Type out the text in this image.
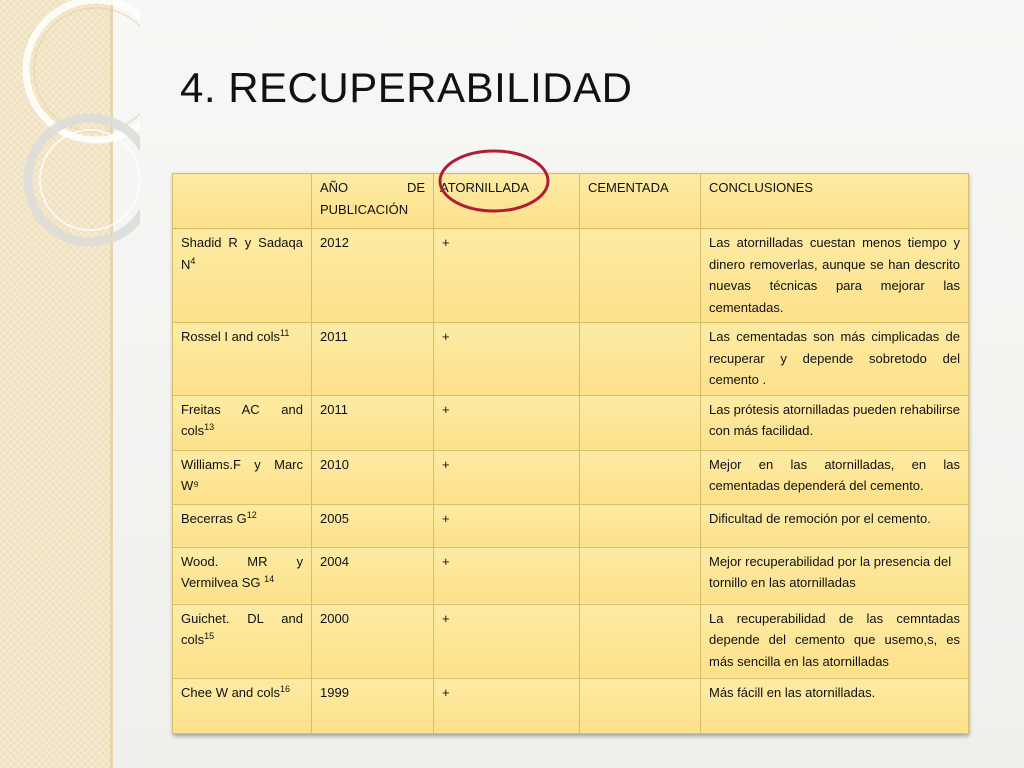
4. RECUPERABILIDAD
	AÑO DE PUBLICACIÓN	ATORNILLADA	CEMENTADA	CONCLUSIONES
Shadid R y Sadaqa $N^4$	2012	+		Las atornilladas cuestan menos tiempo y dinero removerlas, aunque se han descrito nuevas técnicas para mejorar las cementadas.
Rossel I and cols$^{11}$	2011	+		Las cementadas son más cimplicadas de recuperar y depende sobretodo del cemento .
Freitas AC and cols$^{13}$	2011	+		Las prótesis atornilladas pueden rehabilirse con más facilidad.
Williams.F y Marc W⁹	2010	+		Mejor en las atornilladas, en las cementadas dependerá del cemento.
Becerras $G^{12}$	2005	+		Dificultad de remoción por el cemento.
Wood. MR y Vermilvea SG $^{14}$	2004	+		Mejor recuperabilidad por la presencia del tornillo en las atornilladas
Guichet. DL and cols$^{15}$	2000	+		La recuperabilidad de las cemntadas depende del cemento que usemo,s, es más sencilla en las atornilladas
Chee W and cols$^{16}$	1999	+		Más fácill en las atornilladas.
